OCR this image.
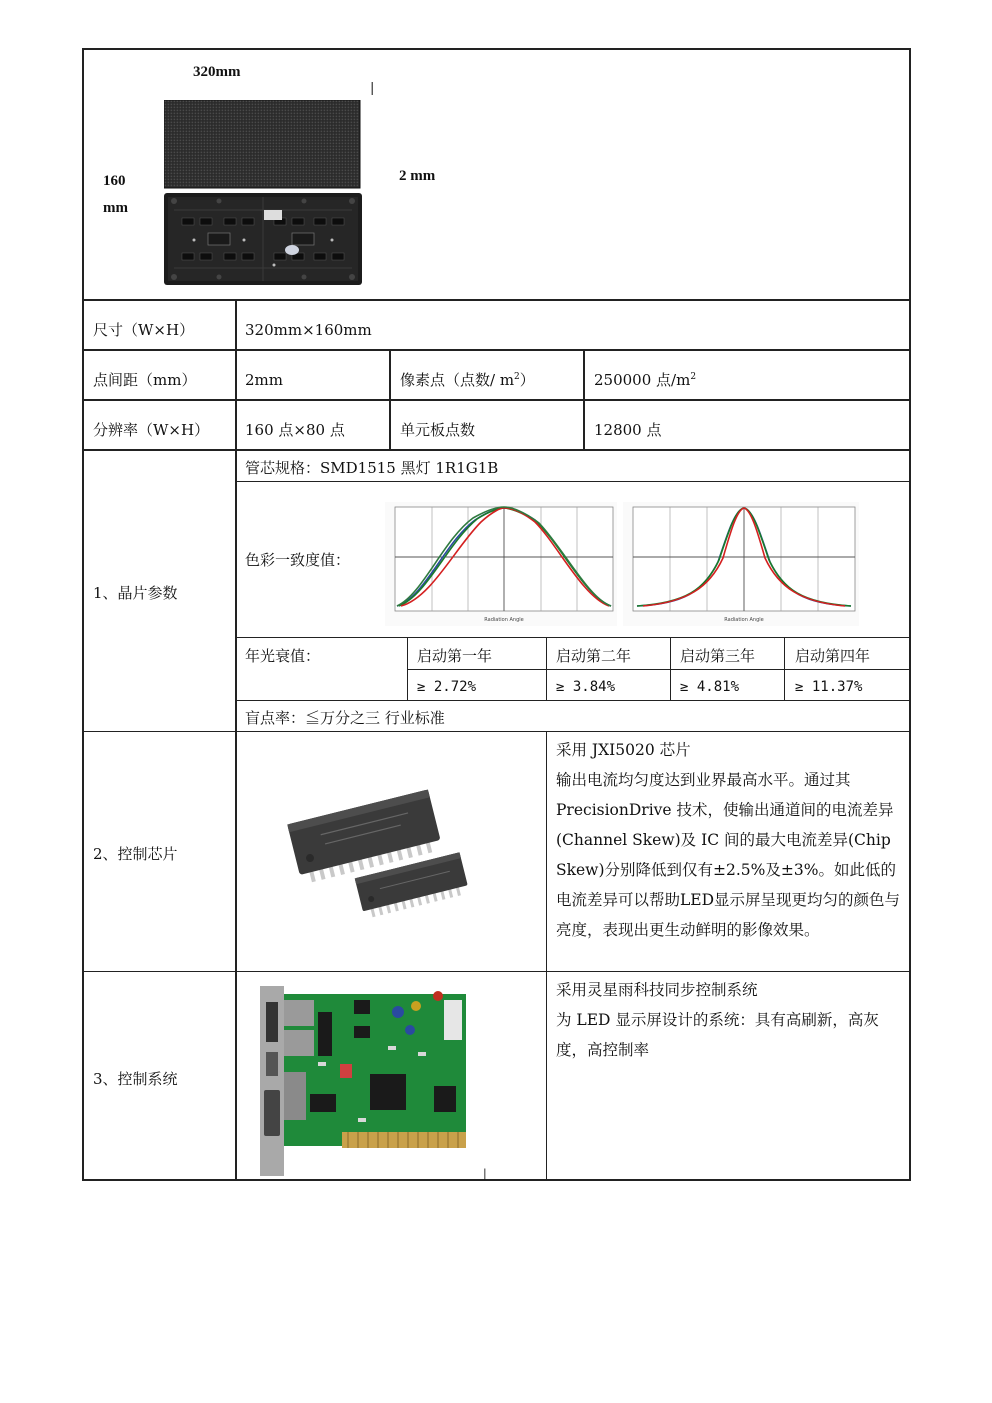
320mm
|
160
mm
2 mm
尺寸（W×H）	320mm×160mm
点间距（mm）	2mm	像素点（点数/ $m^2$）	250000 点$/m^2$
分辨率（W×H） 160 点×80 点	单元板点数	12800 点
1、晶片参数
管芯规格：SMD1515 黑灯 1R1G1B
色彩一致度值：
Radiation Angle	Radiation Angle
年光衰值：	启动第一年	启动第二年	启动第三年	启动第四年
≥ 2.72%	≥ 3.84%	≥ 4.81%	≥ 11.37%
盲点率：≦万分之三 行业标准
2、控制芯片
采用 JXI5020 芯片
输出电流均匀度达到业界最高水平。通过其 PrecisionDrive 技术，使输出通道间的电流差异(Channel Skew)及 IC 间的最大电流差异(Chip Skew)分别降低到仅有±2.5%及±3%。如此低的电流差异可以帮助LED显示屏呈现更均匀的颜色与亮度，表现出更生动鲜明的影像效果。
3、控制系统
|
采用灵星雨科技同步控制系统
为 LED 显示屏设计的系统：具有高刷新，高灰度，高控制率
